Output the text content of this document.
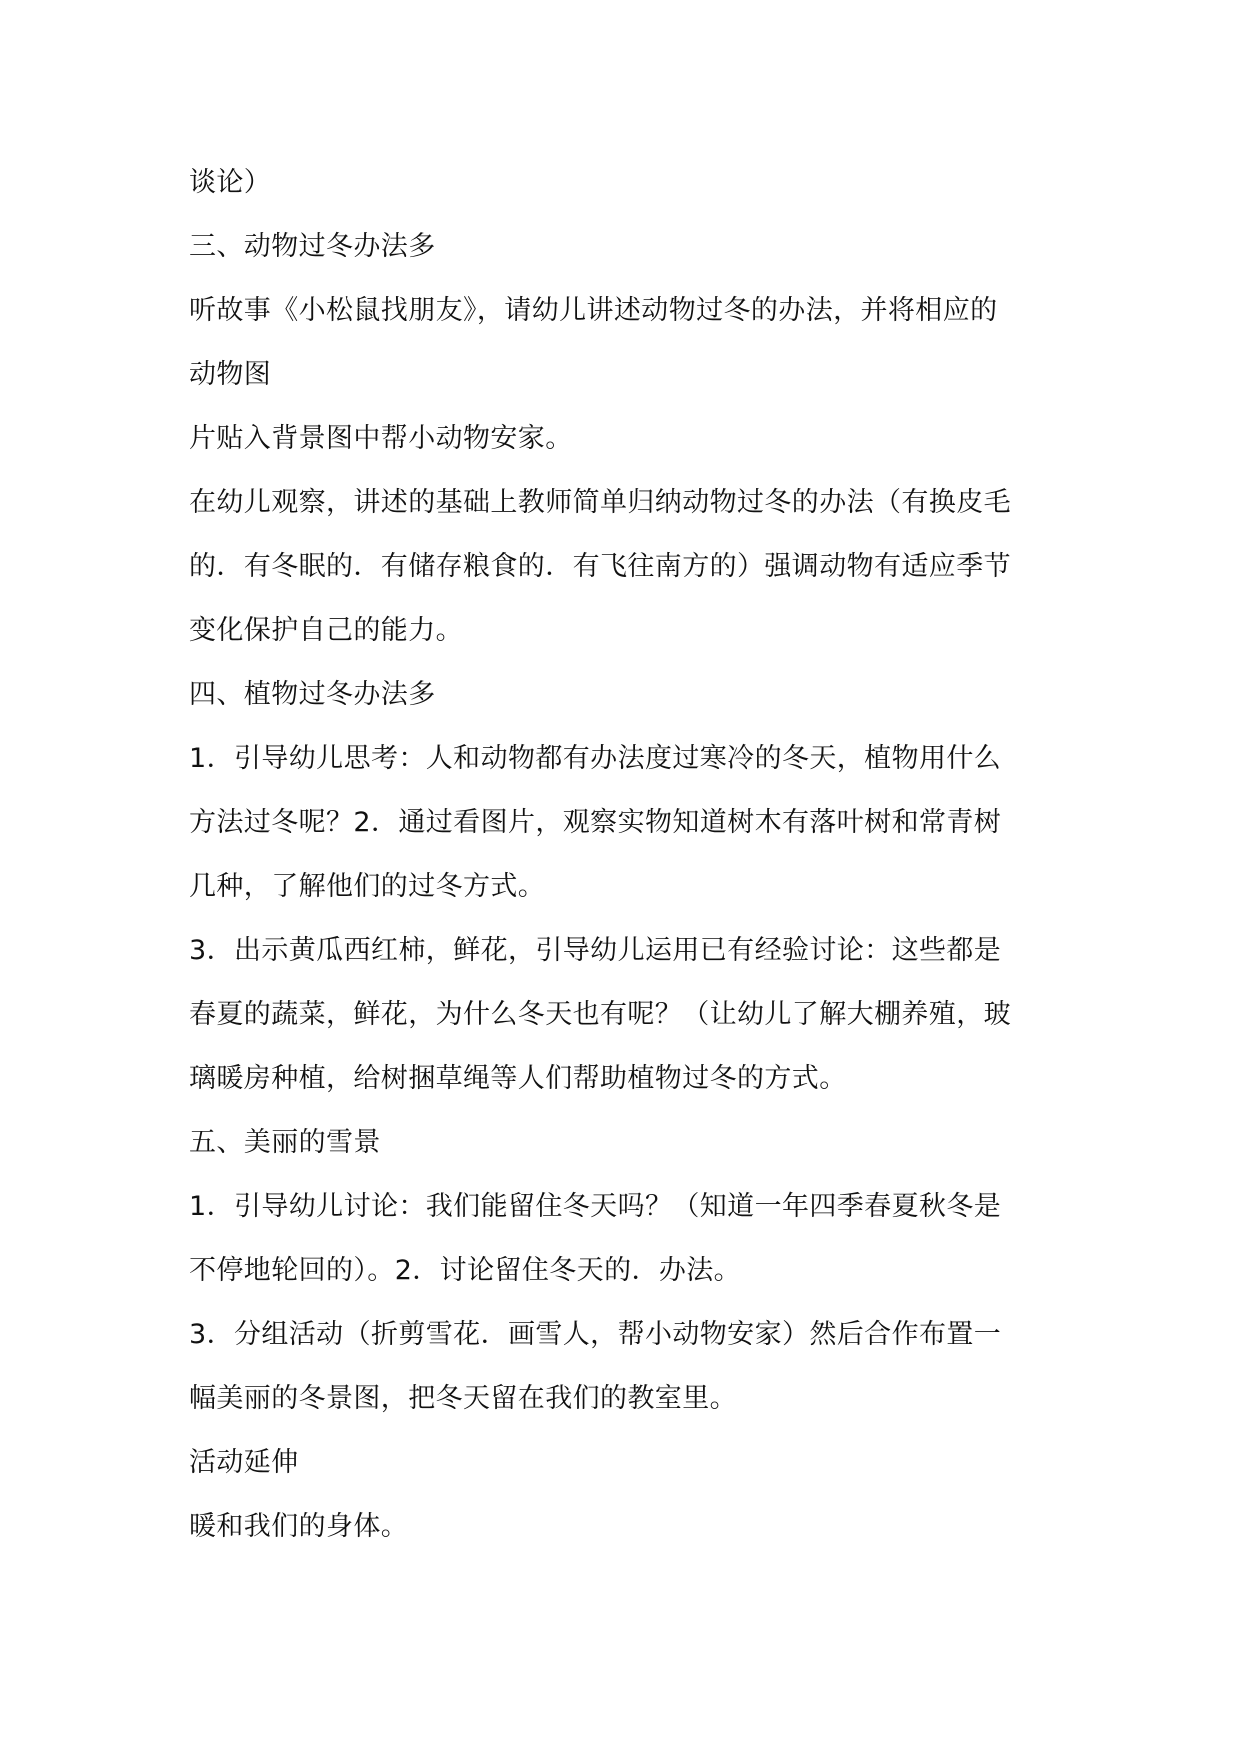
谈论）
三、动物过冬办法多
听故事《小松鼠找朋友》，请幼儿讲述动物过冬的办法，并将相应的
动物图
片贴入背景图中帮小动物安家。
在幼儿观察，讲述的基础上教师简单归纳动物过冬的办法（有换皮毛
的．有冬眠的．有储存粮食的．有飞往南方的）强调动物有适应季节
变化保护自己的能力。
四、植物过冬办法多
1．引导幼儿思考：人和动物都有办法度过寒冷的冬天，植物用什么
方法过冬呢？2．通过看图片，观察实物知道树木有落叶树和常青树
几种，了解他们的过冬方式。
3．出示黄瓜西红柿，鲜花，引导幼儿运用已有经验讨论：这些都是
春夏的蔬菜，鲜花，为什么冬天也有呢？（让幼儿了解大棚养殖，玻
璃暖房种植，给树捆草绳等人们帮助植物过冬的方式。
五、美丽的雪景
1．引导幼儿讨论：我们能留住冬天吗？（知道一年四季春夏秋冬是
不停地轮回的）。2．讨论留住冬天的．办法。
3．分组活动（折剪雪花．画雪人，帮小动物安家）然后合作布置一
幅美丽的冬景图，把冬天留在我们的教室里。
活动延伸
暖和我们的身体。
